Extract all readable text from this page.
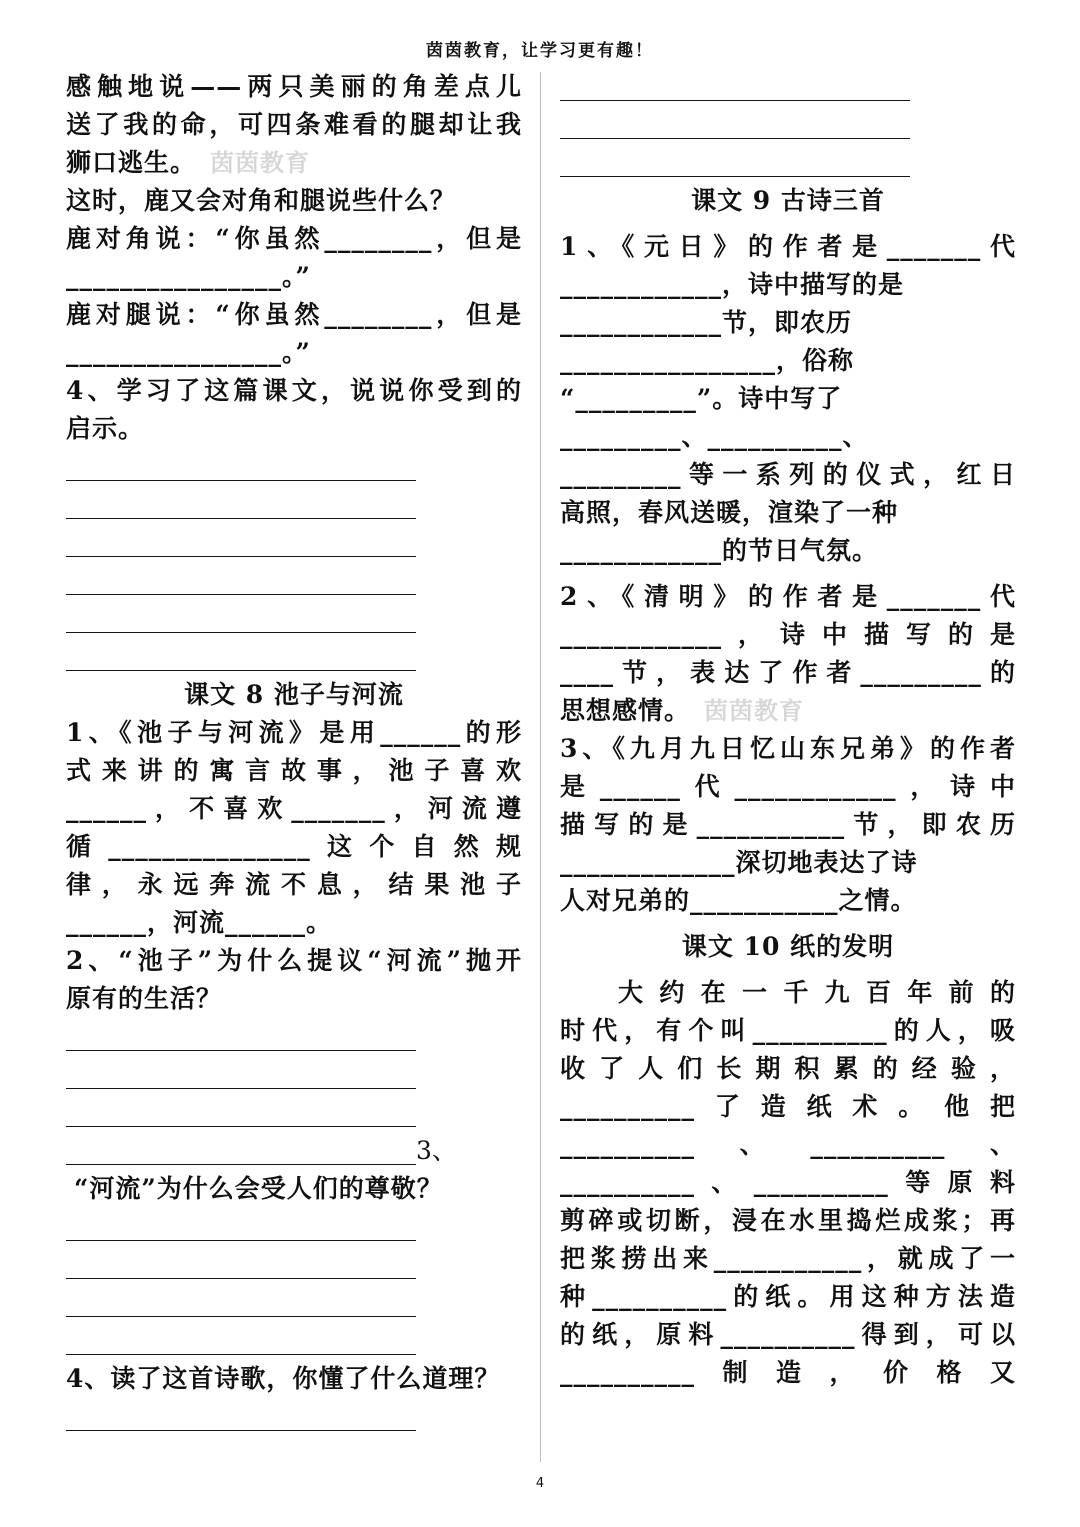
茵茵教育，让学习更有趣！
感触地说——两只美丽的角差点儿
送了我的命，可四条难看的腿却让我
狮口逃生。 茵茵教育
这时，鹿又会对角和腿说些什么？
鹿对角说：“你虽然________，但是
________________。”
鹿对腿说：“你虽然________，但是
________________。”
4、学习了这篇课文，说说你受到的
启示。
____________________________
____________________________
____________________________
____________________________
____________________________
____________________________
课文 8 池子与河流
1、《池子与河流》是用______的形
式来讲的寓言故事，池子喜欢
______，不喜欢_______，河流遵
循_______________这个自然规
律，永远奔流不息，结果池子
______，河流______。
2、“池子”为什么提议“河流”抛开
原有的生活？
____________________________
____________________________
____________________________
____________________________3、
“河流”为什么会受人们的尊敬？
____________________________
____________________________
____________________________
____________________________
4、读了这首诗歌，你懂了什么道理？
____________________________
____________________________
____________________________
____________________________
课文 9 古诗三首
1、《元日》的作者是_______代
____________，诗中描写的是
____________节，即农历
________________，俗称
“_________”。诗中写了
_________、__________、
_________等一系列的仪式，红日
高照，春风送暖，渲染了一种
____________的节日气氛。
2、《清明》的作者是_______代
____________，诗中描写的是
____节，表达了作者_________的
思想感情。 茵茵教育
3、《九月九日忆山东兄弟》的作者
是______代____________，诗中
描写的是___________节，即农历
_____________深切地表达了诗
人对兄弟的___________之情。
课文 10 纸的发明
大约在一千九百年前的
时代，有个叫__________的人，吸
收了人们长期积累的经验，
__________了造纸术。他把
__________、__________、
__________、__________等原料
剪碎或切断，浸在水里捣烂成浆；再
把浆捞出来___________，就成了一
种__________的纸。用这种方法造
的纸，原料__________得到，可以
__________制造，价格又
4
